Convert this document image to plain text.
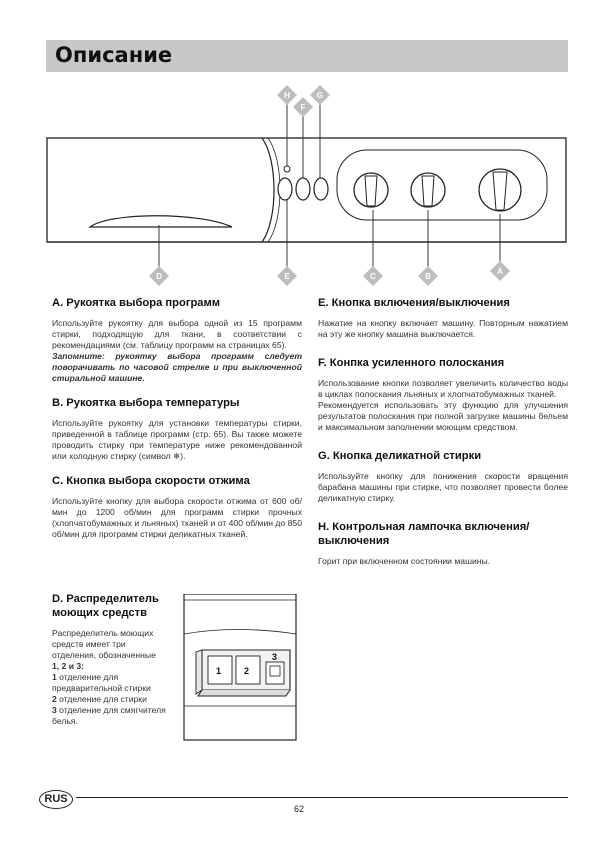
Описание
H	G
F
D	E	C	B
A
A. Рукоятка выбора программ

Используйте рукоятку для выбора одной из 15 программ стирки, подходящую для ткани, в соответствии с рекомендациями (см. таблицу программ на страницах 65).

Запомните: рукоятку выбора программ следует поворачивать по часовой стрелке и при выключенной стиральной машине.

B. Рукоятка выбора температуры

Используйте рукоятку для установки температуры стирки, приведенной в таблице программ (стр. 65). Вы также можете проводить стирку при температуре ниже рекомендованной или холодную стирку (символ ❄).

C. Кнопка выбора скорости отжима

Используйте кнопку для выбора скорости отжима от 600 об/мин до 1200 об/мин для программ стирки прочных (хлопчатобумажных и льняных) тканей и от 400 об/мин до 850 об/мин для программ стирки деликатных тканей.

D. Распределитель
моющих средств

Распределитель моющих средств имеет три отделения, обозначенные

1, 2 и 3:

1 отделение для предварительной стирки

2 отделение для стирки

3 отделение для смягчителя белья.

1	2
3
E. Кнопка включения/выключения

Нажатие на кнопку включает машину. Повторным нажатием на эту же кнопку машина выключается.

F. Конпка усиленного полоскания

Использование кнопки позволяет увеличить количество воды в циклах полоскания льняных и хлопчатобумажных тканей.

Рекомендуется использовать эту функцию для улучшения результатов полоскания при полной загрузке машины бельем и максимальном заполнении моющим средством.

G. Кнопка деликатной стирки

Используйте кнопку для понижения скорости вращения барабана машины при стирке, что позволяет провести более деликатную стирку.

H. Контрольная лампочка включения/
выключения

Горит при включенном состоянии машины.

RUS
62
